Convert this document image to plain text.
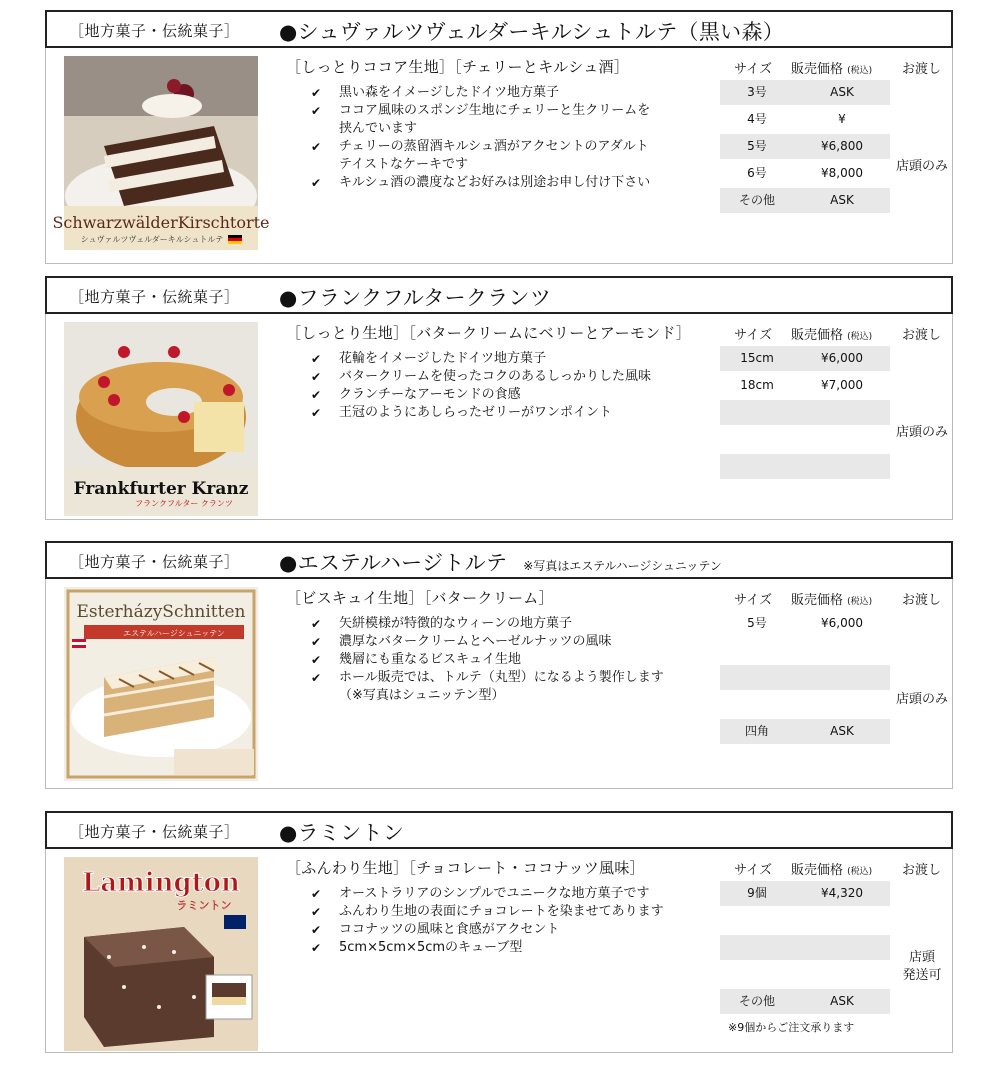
［地方菓子・伝統菓子］ ●シュヴァルツヴェルダーキルシュトルテ（黒い森）
SchwarzwälderKirschtorte
シュヴァルツヴェルダーキルシュトルテ
［しっとりココア生地］［チェリーとキルシュ酒］
✔ 黒い森をイメージしたドイツ地方菓子
✔ ココア風味のスポンジ生地にチェリーと生クリームを
挟んでいます
✔ チェリーの蒸留酒キルシュ酒がアクセントのアダルト
テイストなケーキです
✔ キルシュ酒の濃度などお好みは別途お申し付け下さい
サイズ 販売価格 (税込) お渡し
3号	ASK
4号	¥
5号	¥6,800
6号	¥8,000
その他	ASK
店頭のみ
［地方菓子・伝統菓子］ ●フランクフルタークランツ
Frankfurter Kranz
フランクフルター クランツ
［しっとり生地］［バタークリームにベリーとアーモンド］
✔ 花輪をイメージしたドイツ地方菓子
✔ バタークリームを使ったコクのあるしっかりした風味
✔ クランチーなアーモンドの食感
✔ 王冠のようにあしらったゼリーがワンポイント
サイズ 販売価格 (税込) お渡し
15cm	¥6,000
18cm	¥7,000
店頭のみ
［地方菓子・伝統菓子］ ●エステルハージトルテ ※写真はエステルハージシュニッテン
EsterházySchnitten
エステルハージシュニッテン
［ビスキュイ生地］［バタークリーム］
✔ 矢絣模様が特徴的なウィーンの地方菓子
✔ 濃厚なバタークリームとヘーゼルナッツの風味
✔ 幾層にも重なるビスキュイ生地
✔ ホール販売では、トルテ（丸型）になるよう製作します
（※写真はシュニッテン型）
サイズ 販売価格 (税込) お渡し
5号	¥6,000
四角	ASK
店頭のみ
［地方菓子・伝統菓子］ ●ラミントン
Lamington
ラミントン
［ふんわり生地］［チョコレート・ココナッツ風味］
✔ オーストラリアのシンプルでユニークな地方菓子です
✔ ふんわり生地の表面にチョコレートを染ませてあります
✔ ココナッツの風味と食感がアクセント
✔ 5cm×5cm×5cmのキューブ型
サイズ 販売価格 (税込) お渡し
9個	¥4,320
その他	ASK
※9個からご注文承ります
店頭
発送可
